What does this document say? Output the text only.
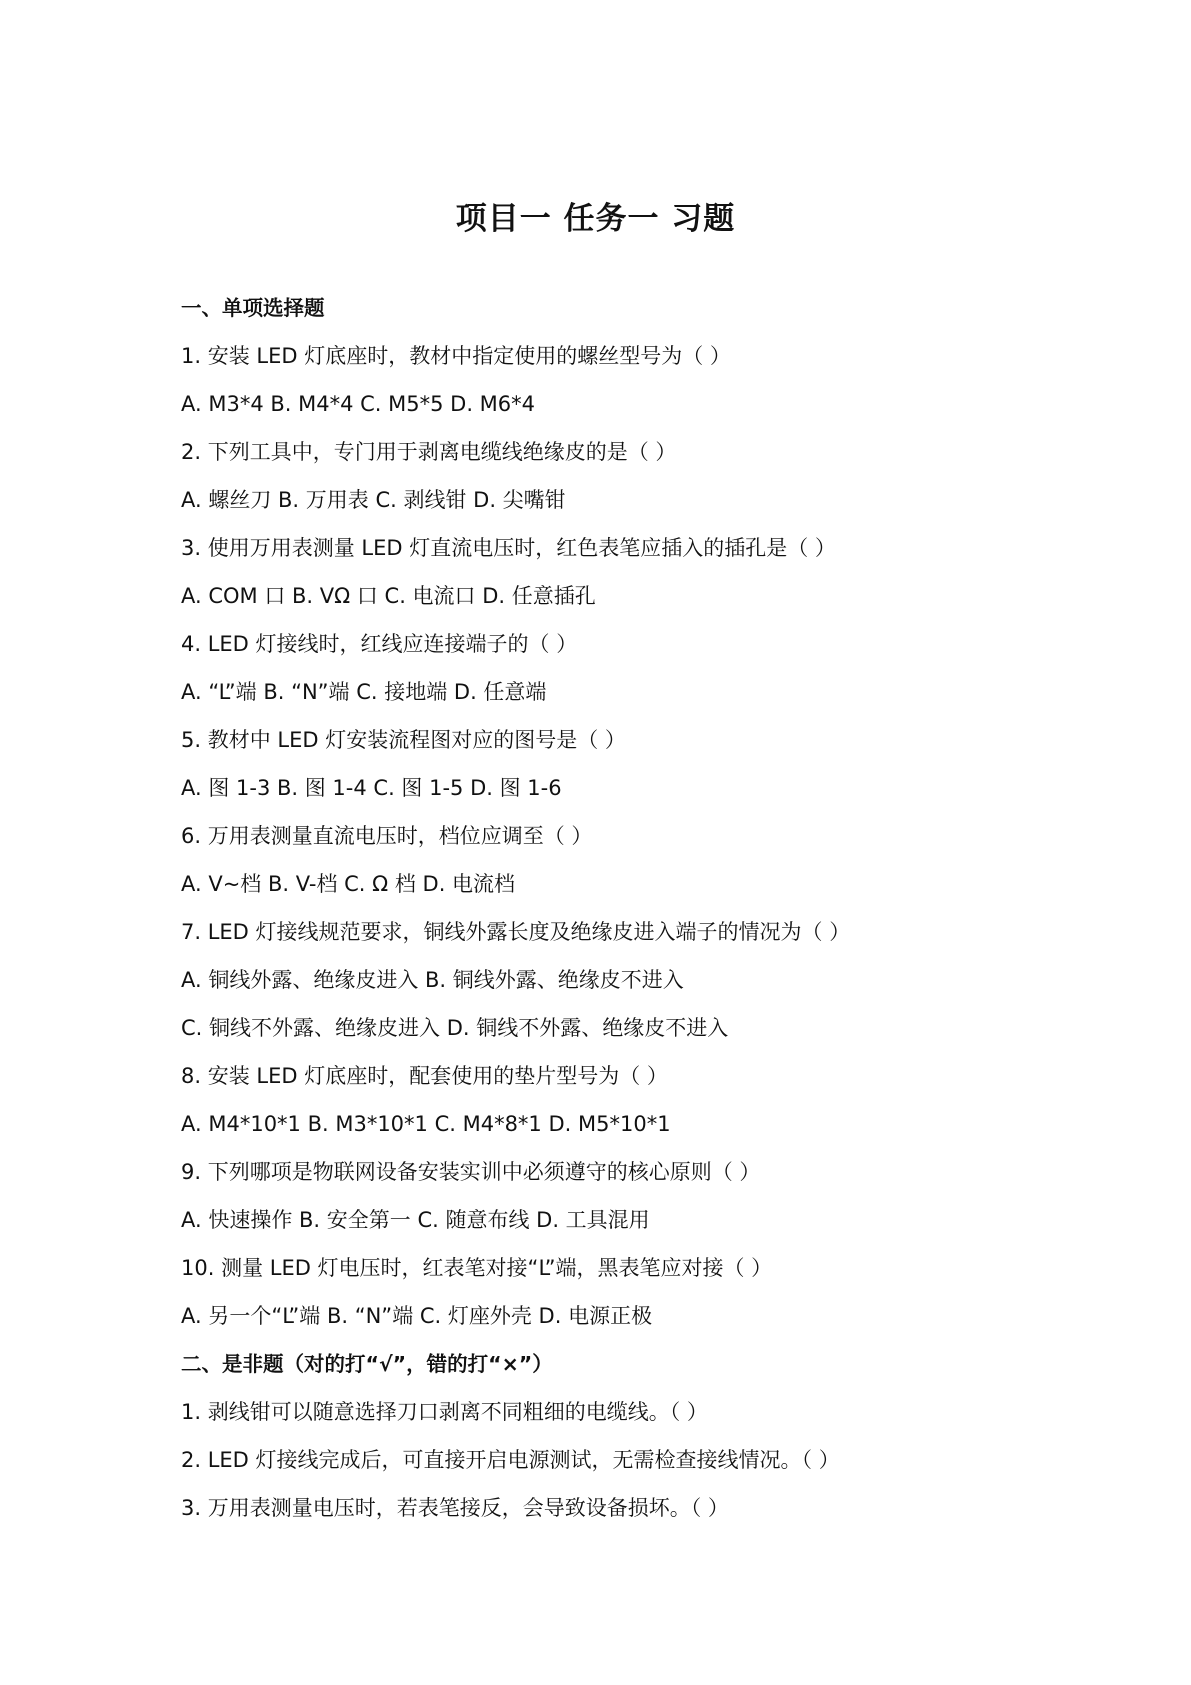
项目一 任务一 习题
一、单项选择题
1. 安装 LED 灯底座时，教材中指定使用的螺丝型号为（ ）
A. M3*4 B. M4*4 C. M5*5 D. M6*4
2. 下列工具中，专门用于剥离电缆线绝缘皮的是（ ）
A. 螺丝刀 B. 万用表 C. 剥线钳 D. 尖嘴钳
3. 使用万用表测量 LED 灯直流电压时，红色表笔应插入的插孔是（ ）
A. COM 口 B. VΩ 口 C. 电流口 D. 任意插孔
4. LED 灯接线时，红线应连接端子的（ ）
A. “L”端 B. “N”端 C. 接地端 D. 任意端
5. 教材中 LED 灯安装流程图对应的图号是（ ）
A. 图 1-3 B. 图 1-4 C. 图 1-5 D. 图 1-6
6. 万用表测量直流电压时，档位应调至（ ）
A. V~档 B. V-档 C. Ω 档 D. 电流档
7. LED 灯接线规范要求，铜线外露长度及绝缘皮进入端子的情况为（ ）
A. 铜线外露、绝缘皮进入 B. 铜线外露、绝缘皮不进入
C. 铜线不外露、绝缘皮进入 D. 铜线不外露、绝缘皮不进入
8. 安装 LED 灯底座时，配套使用的垫片型号为（ ）
A. M4*10*1 B. M3*10*1 C. M4*8*1 D. M5*10*1
9. 下列哪项是物联网设备安装实训中必须遵守的核心原则（ ）
A. 快速操作 B. 安全第一 C. 随意布线 D. 工具混用
10. 测量 LED 灯电压时，红表笔对接“L”端，黑表笔应对接（ ）
A. 另一个“L”端 B. “N”端 C. 灯座外壳 D. 电源正极
二、是非题（对的打“√”，错的打“×”）
1. 剥线钳可以随意选择刀口剥离不同粗细的电缆线。（ ）
2. LED 灯接线完成后，可直接开启电源测试，无需检查接线情况。（ ）
3. 万用表测量电压时，若表笔接反，会导致设备损坏。（ ）
